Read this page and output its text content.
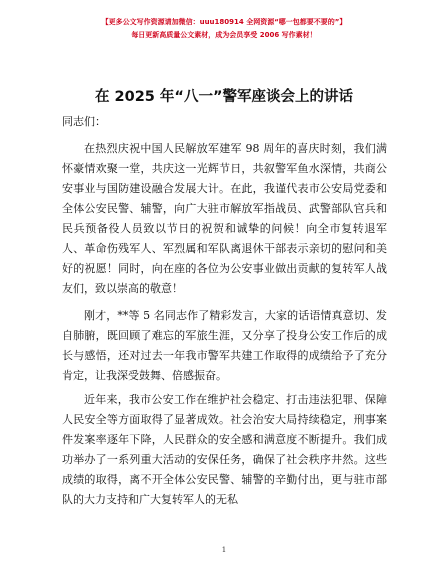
【更多公文写作资源请加微信：uuu180914 全网资源“哪一包都要不要的”】
每日更新高质量公文素材，成为会员享受 2006 写作素材！
在 2025 年“八一”警军座谈会上的讲话
同志们：

在热烈庆祝中国人民解放军建军 98 周年的喜庆时刻，我们满怀豪情欢聚一堂，共庆这一光辉节日，共叙警军鱼水深情，共商公安事业与国防建设融合发展大计。在此，我谨代表市公安局党委和全体公安民警、辅警，向广大驻市解放军指战员、武警部队官兵和民兵预备役人员致以节日的祝贺和诚挚的问候！向全市复转退军人、革命伤残军人、军烈属和军队离退休干部表示亲切的慰问和美好的祝愿！同时，向在座的各位为公安事业做出贡献的复转军人战友们，致以崇高的敬意！

刚才，**等 5 名同志作了精彩发言，大家的话语情真意切、发自肺腑，既回顾了难忘的军旅生涯，又分享了投身公安工作后的成长与感悟，还对过去一年我市警军共建工作取得的成绩给予了充分肯定，让我深受鼓舞、倍感振奋。

近年来，我市公安工作在维护社会稳定、打击违法犯罪、保障人民安全等方面取得了显著成效。社会治安大局持续稳定，刑事案件发案率逐年下降，人民群众的安全感和满意度不断提升。我们成功举办了一系列重大活动的安保任务，确保了社会秩序井然。这些成绩的取得，离不开全体公安民警、辅警的辛勤付出，更与驻市部队的大力支持和广大复转军人的无私

1
